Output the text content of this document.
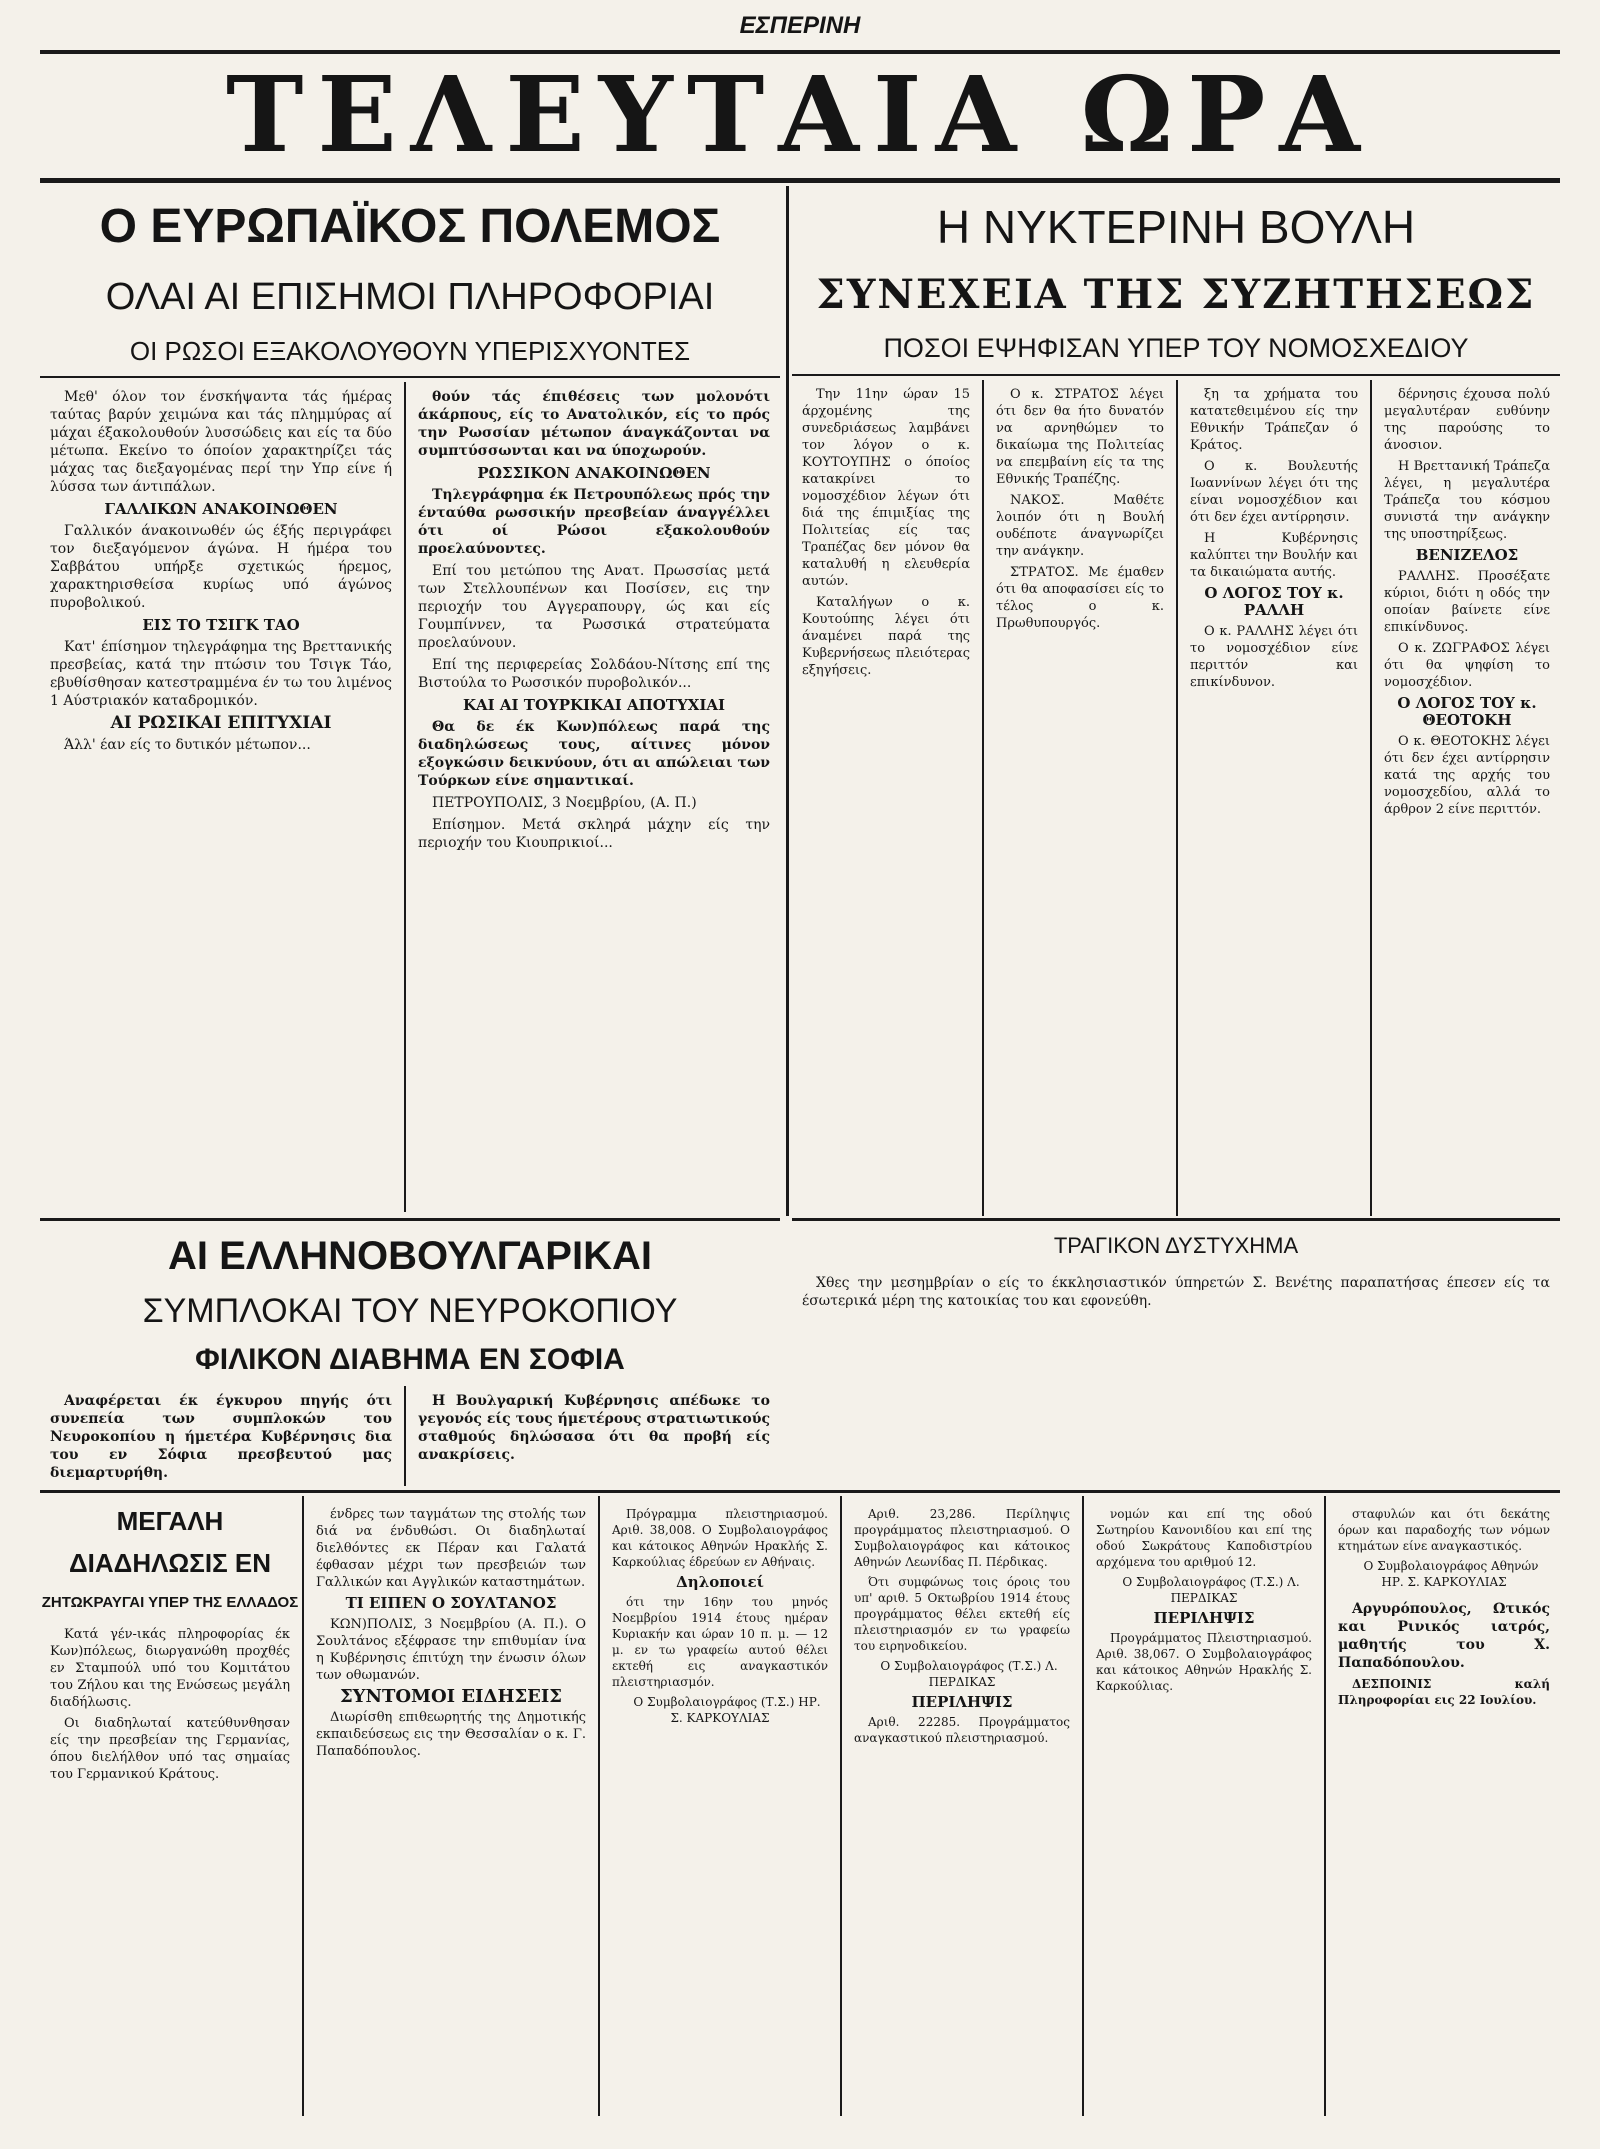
ΕΣΠΕΡΙΝΗ
ΤΕΛΕΥΤΑΙΑ ΩΡΑ
Ο ΕΥΡΩΠΑΪΚΟΣ ΠΟΛΕΜΟΣ
ΟΛΑΙ ΑΙ ΕΠΙΣΗΜΟΙ ΠΛΗΡΟΦΟΡΙΑΙ
ΟΙ ΡΩΣΟΙ ΕΞΑΚΟΛΟΥΘΟΥΝ ΥΠΕΡΙΣΧΥΟΝΤΕΣ

Μεθ' όλον τον ένσκήψαντα τάς ήμέρας ταύτας βαρύν χειμώνα και τάς πλημμύρας αί μάχαι έξακολουθούν λυσσώδεις και είς τα δύο μέτωπα. Εκείνο το όποίον χαρακτηρίζει τάς μάχας τας διεξαγομένας περί την Υπρ είνε ή λύσσα των άντιπάλων.

ΓΑΛΛΙΚΩΝ ΑΝΑΚΟΙΝΩΘΕΝ

Γαλλικόν άνακοινωθέν ώς έξής περιγράφει τον διεξαγόμενον άγώνα. Η ήμέρα του Σαββάτου υπήρξε σχετικώς ήρεμος, χαρακτηρισθείσα κυρίως υπό άγώνος πυροβολικού.

ΕΙΣ ΤΟ ΤΣΙΓΚ ΤΑΟ

Κατ' έπίσημον τηλεγράφημα της Βρεττανικής πρεσβείας, κατά την πτώσιν του Τσιγκ Τάο, εβυθίσθησαν κατεστραμμένα έν τω του λιμένος 1 Αύστριακόν καταδρομικόν.

ΑΙ ΡΩΣΙΚΑΙ ΕΠΙΤΥΧΙΑΙ

Άλλ' έαν είς το δυτικόν μέτωπον...

θούν τάς έπιθέσεις των μολονότι άκάρπους, είς το Ανατολικόν, είς το πρός την Ρωσσίαν μέτωπον άναγκάζονται να συμπτύσσωνται και να ύποχωρούν.

ΡΩΣΣΙΚΟΝ ΑΝΑΚΟΙΝΩΘΕΝ

Τηλεγράφημα έκ Πετρουπόλεως πρός την ένταύθα ρωσσικήν πρεσβείαν άναγγέλλει ότι οί Ρώσοι εξακολουθούν προελαύνοντες.

Επί του μετώπου της Ανατ. Πρωσσίας μετά των Στελλουπένων και Ποσίσεν, εις την περιοχήν του Αγγεραπουργ, ώς και είς Γουμπίννεν, τα Ρωσσικά στρατεύματα προελαύνουν.

Επί της περιφερείας Σολδάου-Νίτσης επί της Βιστούλα το Ρωσσικόν πυροβολικόν...

ΚΑΙ ΑΙ ΤΟΥΡΚΙΚΑΙ ΑΠΟΤΥΧΙΑΙ

Θα δε έκ Κων)πόλεως παρά της διαδηλώσεως τους, αίτινες μόνον εξογκώσιν δεικνύουν, ότι αι απώλειαι των Τούρκων είνε σημαντικαί.

ΠΕΤΡΟΥΠΟΛΙΣ, 3 Νοεμβρίου, (Α. Π.)

Επίσημον. Μετά σκληρά μάχην είς την περιοχήν του Κιουπρικιοί...

Η ΝΥΚΤΕΡΙΝΗ ΒΟΥΛΗ
ΣΥΝΕΧΕΙΑ ΤΗΣ ΣΥΖΗΤΗΣΕΩΣ
ΠΟΣΟΙ ΕΨΗΦΙΣΑΝ ΥΠΕΡ ΤΟΥ ΝΟΜΟΣΧΕΔΙΟΥ

Την 11ην ώραν 15 άρχομένης της συνεδριάσεως λαμβάνει τον λόγον ο κ. ΚΟΥΤΟΥΠΗΣ ο όποίος κατακρίνει το νομοσχέδιον λέγων ότι διά της έπιμιξίας της Πολιτείας είς τας Τραπέζας δεν μόνον θα καταλυθή η ελευθερία αυτών.

Καταλήγων ο κ. Κουτούπης λέγει ότι άναμένει παρά της Κυβερνήσεως πλειότερας εξηγήσεις.

Ο κ. ΣΤΡΑΤΟΣ λέγει ότι δεν θα ήτο δυνατόν να αρνηθώμεν το δικαίωμα της Πολιτείας να επεμβαίνη είς τα της Εθνικής Τραπέζης.

ΝΑΚΟΣ. Μαθέτε λοιπόν ότι η Βουλή ουδέποτε άναγνωρίζει την ανάγκην.

ΣΤΡΑΤΟΣ. Με έμαθεν ότι θα αποφασίσει είς το τέλος ο κ. Πρωθυπουργός.

ξη τα χρήματα του κατατεθειμένου είς την Εθνικήν Τράπεζαν ό Κράτος.

Ο κ. Βουλευτής Ιωαννίνων λέγει ότι της είναι νομοσχέδιον και ότι δεν έχει αντίρρησιν.

Η Κυβέρνησις καλύπτει την Βουλήν και τα δικαιώματα αυτής.

Ο ΛΟΓΟΣ ΤΟΥ κ. ΡΑΛΛΗ

Ο κ. ΡΑΛΛΗΣ λέγει ότι το νομοσχέδιον είνε περιττόν και επικίνδυνον.

δέρνησις έχουσα πολύ μεγαλυτέραν ευθύνην της παρούσης το άνοσιον.

Η Βρεττανική Τράπεζα λέγει, η μεγαλυτέρα Τράπεζα του κόσμου συνιστά την ανάγκην της υποστηρίξεως.

ΒΕΝΙΖΕΛΟΣ

ΡΑΛΛΗΣ. Προσέξατε κύριοι, διότι η οδός την οποίαν βαίνετε είνε επικίνδυνος.

Ο κ. ΖΩΓΡΑΦΟΣ λέγει ότι θα ψηφίση το νομοσχέδιον.

Ο ΛΟΓΟΣ ΤΟΥ κ. ΘΕΟΤΟΚΗ

Ο κ. ΘΕΟΤΟΚΗΣ λέγει ότι δεν έχει αντίρρησιν κατά της αρχής του νομοσχεδίου, αλλά το άρθρον 2 είνε περιττόν.

ΑΙ ΕΛΛΗΝΟΒΟΥΛΓΑΡΙΚΑΙ
ΣΥΜΠΛΟΚΑΙ ΤΟΥ ΝΕΥΡΟΚΟΠΙΟΥ
ΦΙΛΙΚΟΝ ΔΙΑΒΗΜΑ ΕΝ ΣΟΦΙΑ

Αναφέρεται έκ έγκυρου πηγής ότι συνεπεία των συμπλοκών του Νευροκοπίου η ήμετέρα Κυβέρνησις δια του εν Σόφια πρεσβευτού μας διεμαρτυρήθη.

Η Βουλγαρική Κυβέρνησις απέδωκε το γεγονός είς τους ήμετέρους στρατιωτικούς σταθμούς δηλώσασα ότι θα προβή είς ανακρίσεις.

ΤΡΑΓΙΚΟΝ ΔΥΣΤΥΧΗΜΑ

Χθες την μεσημβρίαν ο είς το έκκλησιαστικόν ύπηρετών Σ. Βενέτης παραπατήσας έπεσεν είς τα έσωτερικά μέρη της κατοικίας του και εφονεύθη.

ΜΕΓΑΛΗ ΔΙΑΔΗΛΩΣΙΣ ΕΝ
ΖΗΤΩΚΡΑΥΓΑΙ ΥΠΕΡ ΤΗΣ ΕΛΛΑΔΟΣ

Κατά γέν-ικάς πληροφορίας έκ Κων)πόλεως, διωργανώθη προχθές εν Σταμπούλ υπό του Κομιτάτου του Ζήλου και της Ενώσεως μεγάλη διαδήλωσις.

Οι διαδηλωταί κατεύθυνθησαν είς την πρεσβείαν της Γερμανίας, όπου διελήλθον υπό τας σημαίας του Γερμανικού Κράτους.

ένδρες των ταγμάτων της στολής των διά να ένδυθώσι. Οι διαδηλωταί διελθόντες εκ Πέραν και Γαλατά έφθασαν μέχρι των πρεσβειών των Γαλλικών και Αγγλικών καταστημάτων.

ΤΙ ΕΙΠΕΝ Ο ΣΟΥΛΤΑΝΟΣ

ΚΩΝ)ΠΟΛΙΣ, 3 Νοεμβρίου (Α. Π.). Ο Σουλτάνος εξέφρασε την επιθυμίαν ίνα η Κυβέρνησις έπιτύχη την ένωσιν όλων των οθωμανών.

ΣΥΝΤΟΜΟΙ ΕΙΔΗΣΕΙΣ

Διωρίσθη επιθεωρητής της Δημοτικής εκπαιδεύσεως εις την Θεσσαλίαν ο κ. Γ. Παπαδόπουλος.

Πρόγραμμα πλειστηριασμού. Αριθ. 38,008. Ο Συμβολαιογράφος και κάτοικος Αθηνών Ηρακλής Σ. Καρκούλιας έδρεύων εν Αθήναις.

Δηλοποιεί

ότι την 16ην του μηνός Νοεμβρίου 1914 έτους ημέραν Κυριακήν και ώραν 10 π. μ. — 12 μ. εν τω γραφείω αυτού θέλει εκτεθή εις αναγκαστικόν πλειστηριασμόν.

Ο Συμβολαιογράφος (Τ.Σ.) ΗΡ. Σ. ΚΑΡΚΟΥΛΙΑΣ

Αριθ. 23,286. Περίληψις προγράμματος πλειστηριασμού. Ο Συμβολαιογράφος και κάτοικος Αθηνών Λεωνίδας Π. Πέρδικας.

Ότι συμφώνως τοις όροις του υπ' αριθ. 5 Οκτωβρίου 1914 έτους προγράμματος θέλει εκτεθή είς πλειστηριασμόν εν τω γραφείω του ειρηνοδικείου.

Ο Συμβολαιογράφος (Τ.Σ.) Λ. ΠΕΡΔΙΚΑΣ

ΠΕΡΙΛΗΨΙΣ

Αριθ. 22285. Προγράμματος αναγκαστικού πλειστηριασμού.

νομών και επί της οδού Σωτηρίου Κανονιδίου και επί της οδού Σωκράτους Καποδιστρίου αρχόμενα του αριθμού 12.

Ο Συμβολαιογράφος (Τ.Σ.) Λ. ΠΕΡΔΙΚΑΣ

ΠΕΡΙΛΗΨΙΣ

Προγράμματος Πλειστηριασμού. Αριθ. 38,067. Ο Συμβολαιογράφος και κάτοικος Αθηνών Ηρακλής Σ. Καρκούλιας.

σταφυλών και ότι δεκάτης όρων και παραδοχής των νόμων κτημάτων είνε αναγκαστικός.

Ο Συμβολαιογράφος Αθηνών ΗΡ. Σ. ΚΑΡΚΟΥΛΙΑΣ

Αργυρόπουλος, Ωτικός και Ρινικός ιατρός, μαθητής του Χ. Παπαδόπουλου.

ΔΕΣΠΟΙΝΙΣ καλή Πληροφορίαι εις 22 Ιουλίου.
